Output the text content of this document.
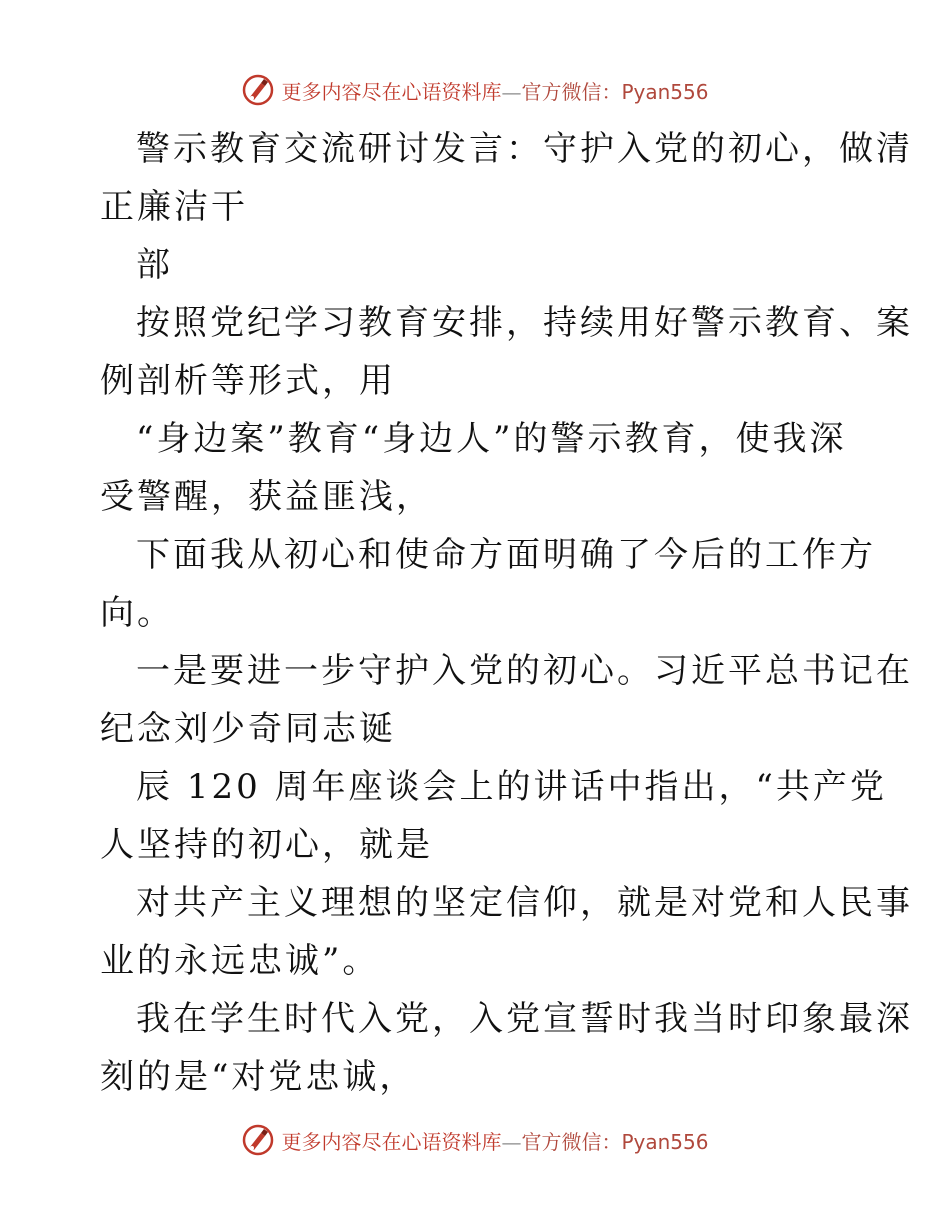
更多内容尽在心语资料库—官方微信：Pyan556
警示教育交流研讨发言：守护入党的初心，做清
正廉洁干
部
按照党纪学习教育安排，持续用好警示教育、案
例剖析等形式，用
“身边案”教育“身边人”的警示教育，使我深
受警醒，获益匪浅，
下面我从初心和使命方面明确了今后的工作方
向。
一是要进一步守护入党的初心。习近平总书记在
纪念刘少奇同志诞
辰 120 周年座谈会上的讲话中指出，“共产党
人坚持的初心，就是
对共产主义理想的坚定信仰，就是对党和人民事
业的永远忠诚”。
我在学生时代入党，入党宣誓时我当时印象最深
刻的是“对党忠诚，
更多内容尽在心语资料库—官方微信：Pyan556
